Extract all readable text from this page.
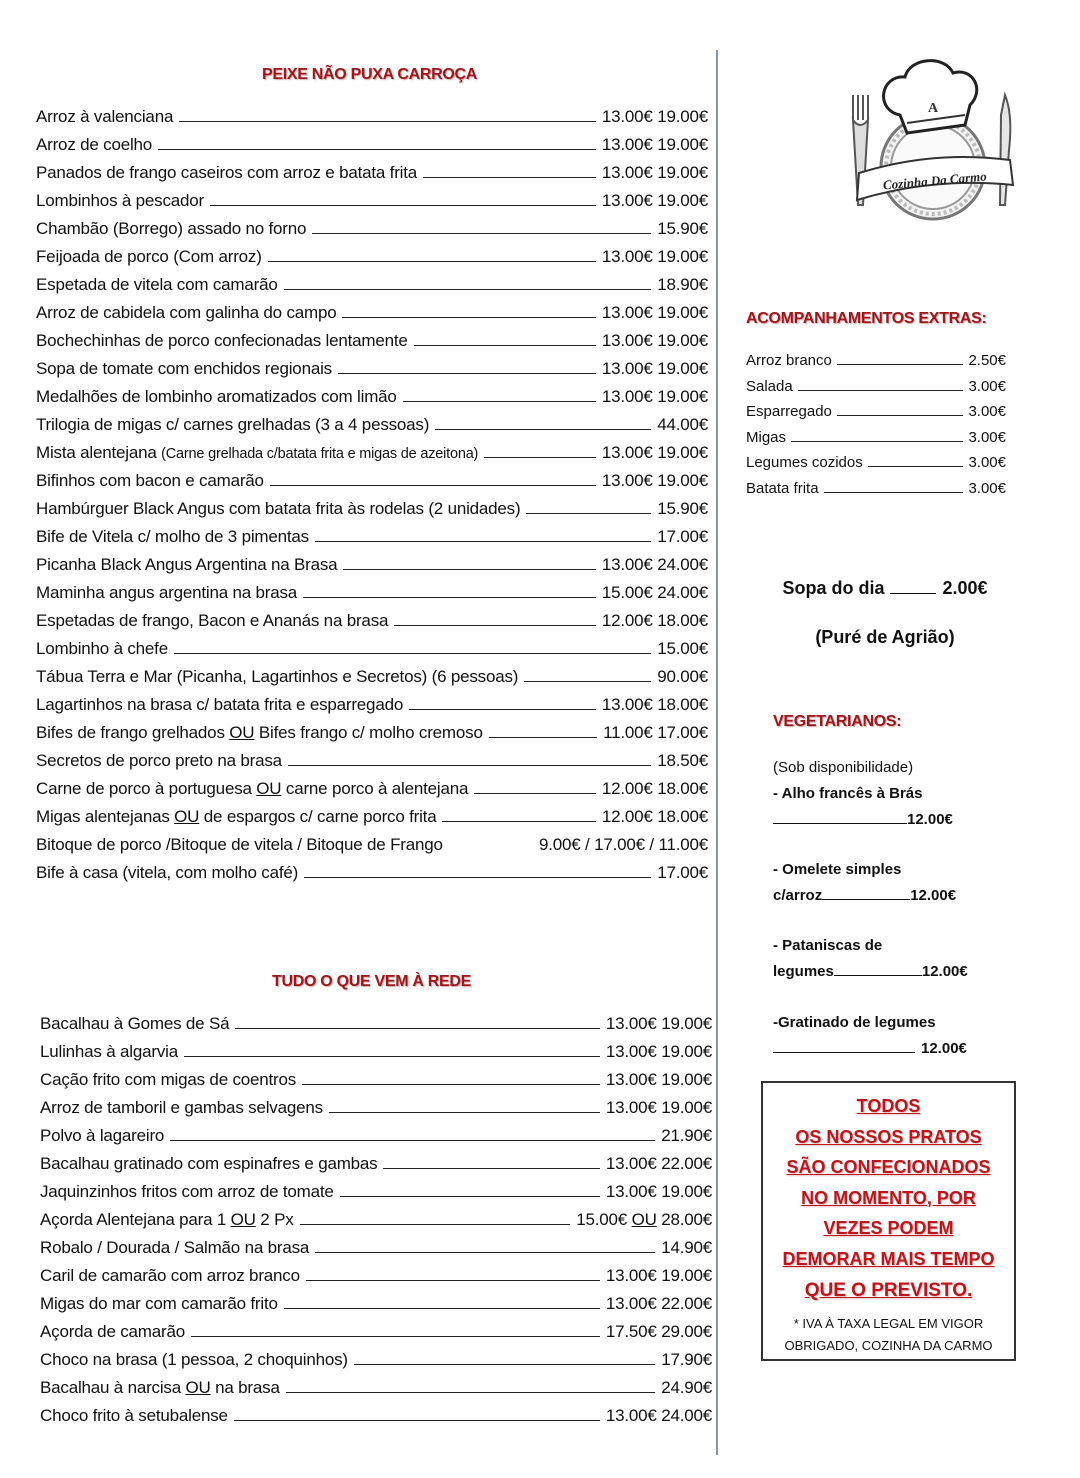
PEIXE NÃO PUXA CARROÇA
Arroz à valenciana	13.00€ 19.00€
Arroz de coelho	13.00€ 19.00€
Panados de frango caseiros com arroz e batata frita	13.00€ 19.00€
Lombinhos à pescador	13.00€ 19.00€
Chambão (Borrego) assado no forno	15.90€
Feijoada de porco (Com arroz)	13.00€ 19.00€
Espetada de vitela com camarão	18.90€
Arroz de cabidela com galinha do campo	13.00€ 19.00€
Bochechinhas de porco confecionadas lentamente	13.00€ 19.00€
Sopa de tomate com enchidos regionais	13.00€ 19.00€
Medalhões de lombinho aromatizados com limão	13.00€ 19.00€
Trilogia de migas c/ carnes grelhadas (3 a 4 pessoas)	44.00€
Mista alentejana (Carne grelhada c/batata frita e migas de azeitona)	13.00€ 19.00€
Bifinhos com bacon e camarão	13.00€ 19.00€
Hambúrguer Black Angus com batata frita às rodelas (2 unidades)	15.90€
Bife de Vitela c/ molho de 3 pimentas	17.00€
Picanha Black Angus Argentina na Brasa	13.00€ 24.00€
Maminha angus argentina na brasa	15.00€ 24.00€
Espetadas de frango, Bacon e Ananás na brasa	12.00€ 18.00€
Lombinho à chefe	15.00€
Tábua Terra e Mar (Picanha, Lagartinhos e Secretos) (6 pessoas)	90.00€
Lagartinhos na brasa c/ batata frita e esparregado	13.00€ 18.00€
Bifes de frango grelhados OU Bifes frango c/ molho cremoso	11.00€ 17.00€
Secretos de porco preto na brasa	18.50€
Carne de porco à portuguesa OU carne porco à alentejana	12.00€ 18.00€
Migas alentejanas OU de espargos c/ carne porco frita	12.00€ 18.00€
Bitoque de porco /Bitoque de vitela / Bitoque de Frango	9.00€ / 17.00€ / 11.00€
Bife à casa (vitela, com molho café)	17.00€
TUDO O QUE VEM À REDE
Bacalhau à Gomes de Sá	13.00€ 19.00€
Lulinhas à algarvia	13.00€ 19.00€
Cação frito com migas de coentros	13.00€ 19.00€
Arroz de tamboril e gambas selvagens	13.00€ 19.00€
Polvo à lagareiro	21.90€
Bacalhau gratinado com espinafres e gambas	13.00€ 22.00€
Jaquinzinhos fritos com arroz de tomate	13.00€ 19.00€
Açorda Alentejana para 1 OU 2 Px	15.00€ OU 28.00€
Robalo / Dourada / Salmão na brasa	14.90€
Caril de camarão com arroz branco	13.00€ 19.00€
Migas do mar com camarão frito	13.00€ 22.00€
Açorda de camarão	17.50€ 29.00€
Choco na brasa (1 pessoa, 2 choquinhos)	17.90€
Bacalhau à narcisa OU na brasa	24.90€
Choco frito à setubalense	13.00€ 24.00€
A
Cozinha Da Carmo
ACOMPANHAMENTOS EXTRAS:
Arroz branco	2.50€
Salada	3.00€
Esparregado	3.00€
Migas	3.00€
Legumes cozidos	3.00€
Batata frita	3.00€
Sopa do dia	2.00€
(Puré de Agrião)
VEGETARIANOS:
(Sob disponibilidade)
- Alho francês à Brás
12.00€
- Omelete simples
c/arroz	12.00€
- Pataniscas de
legumes	12.00€
-Gratinado de legumes
12.00€
TODOS
OS NOSSOS PRATOS
SÃO CONFECIONADOS
NO MOMENTO, POR
VEZES PODEM
DEMORAR MAIS TEMPO
QUE O PREVISTO.
* IVA À TAXA LEGAL EM VIGOR
OBRIGADO, COZINHA DA CARMO
